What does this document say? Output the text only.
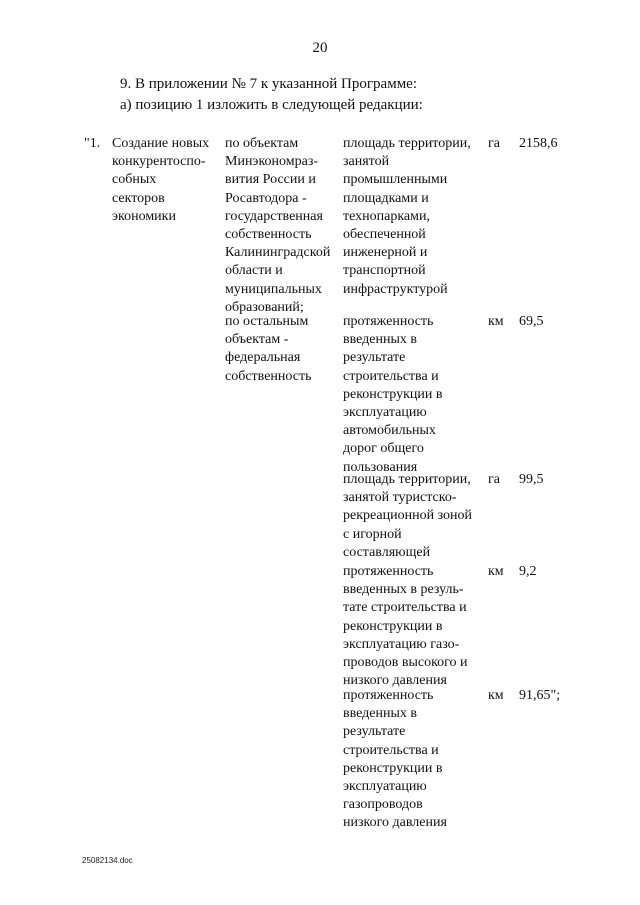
20
9. В приложении № 7 к указанной Программе:
а) позицию 1 изложить в следующей редакции:
"1. Создание новых
конкурентоспо-
собных
секторов
экономики
по объектам
Минэкономраз-
вития России и
Росавтодора -
государственная
собственность
Калининградской
области и
муниципальных
образований;
площадь территории,
занятой
промышленными
площадками и
технопарками,
обеспеченной
инженерной и
транспортной
инфраструктурой
га 2158,6
по остальным
объектам -
федеральная
собственность
протяженность
введенных в
результате
строительства и
реконструкции в
эксплуатацию
автомобильных
дорог общего
пользования
км 69,5
площадь территории,
занятой туристско-
рекреационной зоной
с игорной
составляющей
га 99,5
протяженность
введенных в резуль-
тате строительства и
реконструкции в
эксплуатацию газо-
проводов высокого и
низкого давления
км 9,2
протяженность
введенных в
результате
строительства и
реконструкции в
эксплуатацию
газопроводов
низкого давления
км 91,65";
25082134.doc
